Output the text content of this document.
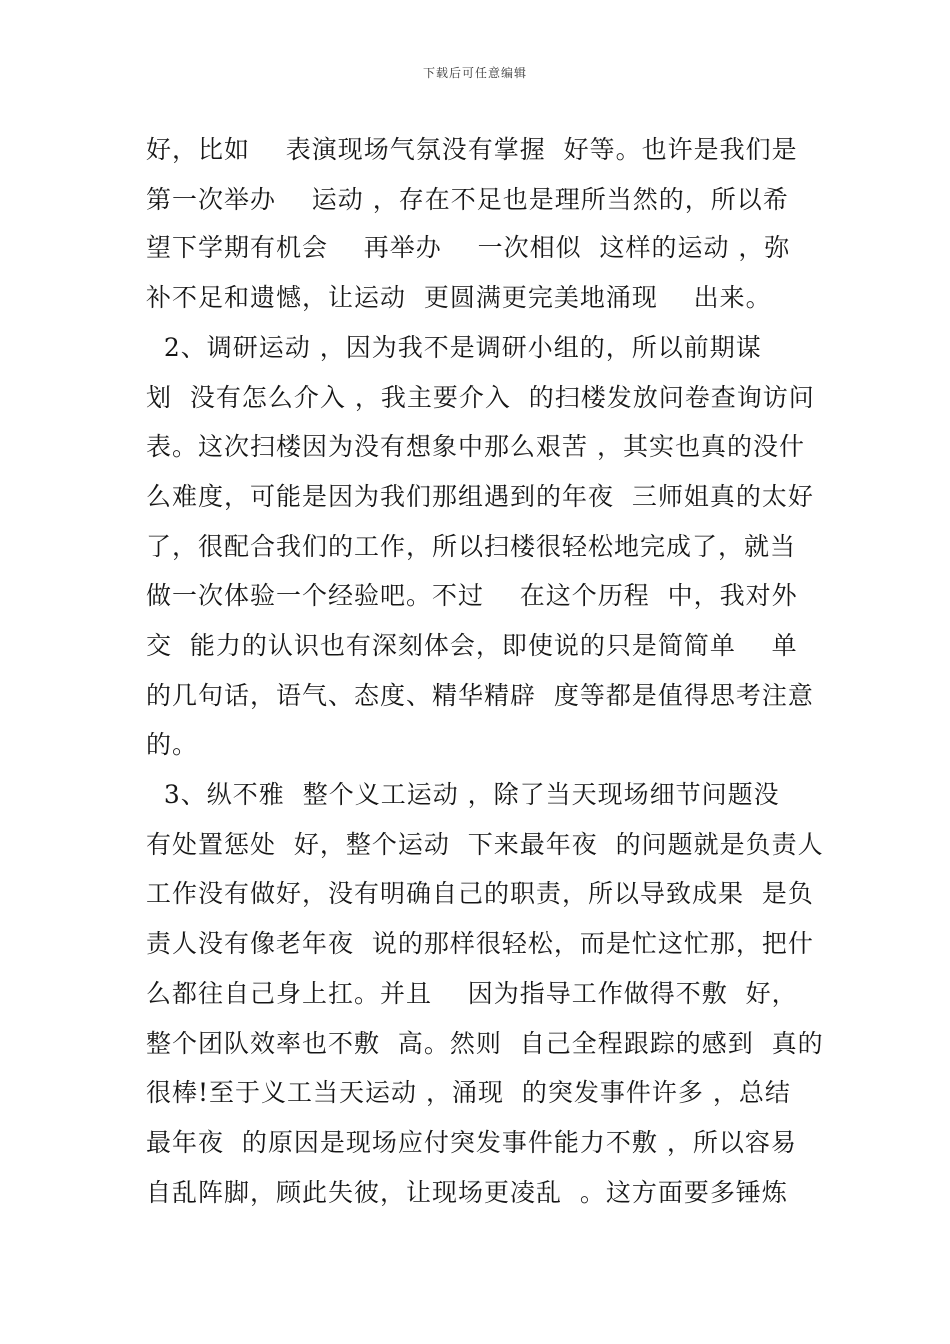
下载后可任意编辑
好，比如    表演现场气氛没有掌握  好等。也许是我们是
第一次举办    运动 ，存在不足也是理所当然的，所以希
望下学期有机会    再举办    一次相似  这样的运动 ，弥
补不足和遗憾，让运动  更圆满更完美地涌现    出来。
2、调研运动 ，因为我不是调研小组的，所以前期谋
划  没有怎么介入 ，我主要介入  的扫楼发放问卷查询访问
表。这次扫楼因为没有想象中那么艰苦 ，其实也真的没什
么难度，可能是因为我们那组遇到的年夜  三师姐真的太好
了，很配合我们的工作，所以扫楼很轻松地完成了，就当
做一次体验一个经验吧。不过    在这个历程  中，我对外
交  能力的认识也有深刻体会，即使说的只是简简单    单
的几句话，语气、态度、精华精辟  度等都是值得思考注意
的。
3、纵不雅  整个义工运动 ，除了当天现场细节问题没
有处置惩处  好，整个运动  下来最年夜  的问题就是负责人
工作没有做好，没有明确自己的职责，所以导致成果  是负
责人没有像老年夜  说的那样很轻松，而是忙这忙那，把什
么都往自己身上扛。并且    因为指导工作做得不敷  好，
整个团队效率也不敷  高。然则  自己全程跟踪的感到  真的
很棒!至于义工当天运动 ，涌现  的突发事件许多 ，总结
最年夜  的原因是现场应付突发事件能力不敷 ，所以容易
自乱阵脚，顾此失彼，让现场更凌乱  。这方面要多锤炼
